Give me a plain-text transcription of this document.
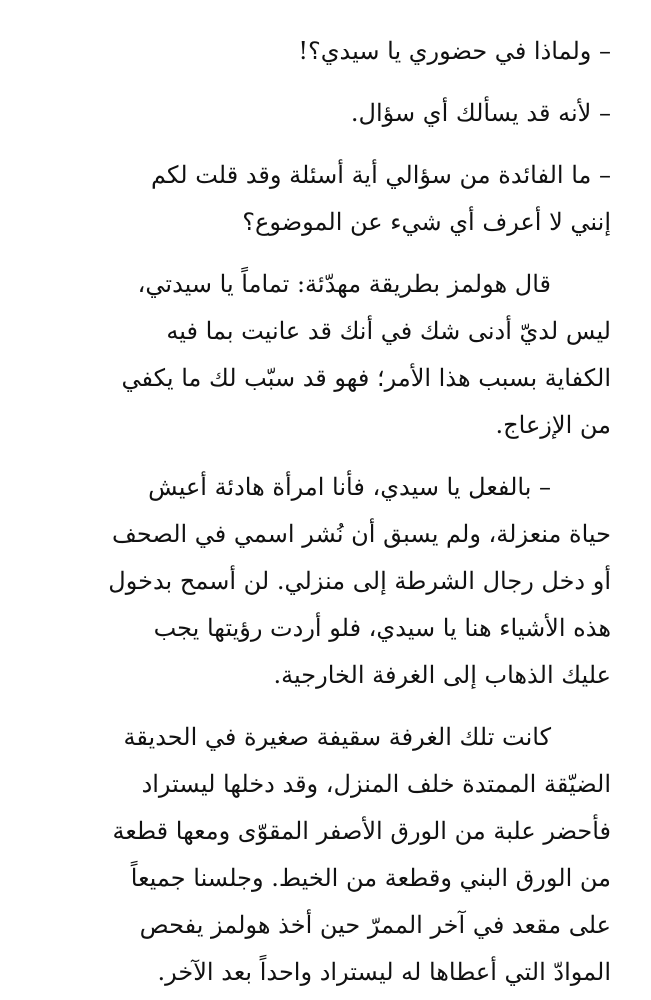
– ولماذا في حضوري يا سيدي؟!

– لأنه قد يسألك أي سؤال.

– ما الفائدة من سؤالي أية أسئلة وقد قلت لكم
إنني لا أعرف أي شيء عن الموضوع؟

قال هولمز بطريقة مهدّئة: تماماً يا سيدتي،
ليس لديّ أدنى شك في أنك قد عانيت بما فيه
الكفاية بسبب هذا الأمر؛ فهو قد سبّب لك ما يكفي
من الإزعاج.

– بالفعل يا سيدي، فأنا امرأة هادئة أعيش
حياة منعزلة، ولم يسبق أن نُشر اسمي في الصحف
أو دخل رجال الشرطة إلى منزلي. لن أسمح بدخول
هذه الأشياء هنا يا سيدي، فلو أردت رؤيتها يجب
عليك الذهاب إلى الغرفة الخارجية.

كانت تلك الغرفة سقيفة صغيرة في الحديقة
الضيّقة الممتدة خلف المنزل، وقد دخلها ليستراد
فأحضر علبة من الورق الأصفر المقوّى ومعها قطعة
من الورق البني وقطعة من الخيط. وجلسنا جميعاً
على مقعد في آخر الممرّ حين أخذ هولمز يفحص
الموادّ التي أعطاها له ليستراد واحداً بعد الآخر.
